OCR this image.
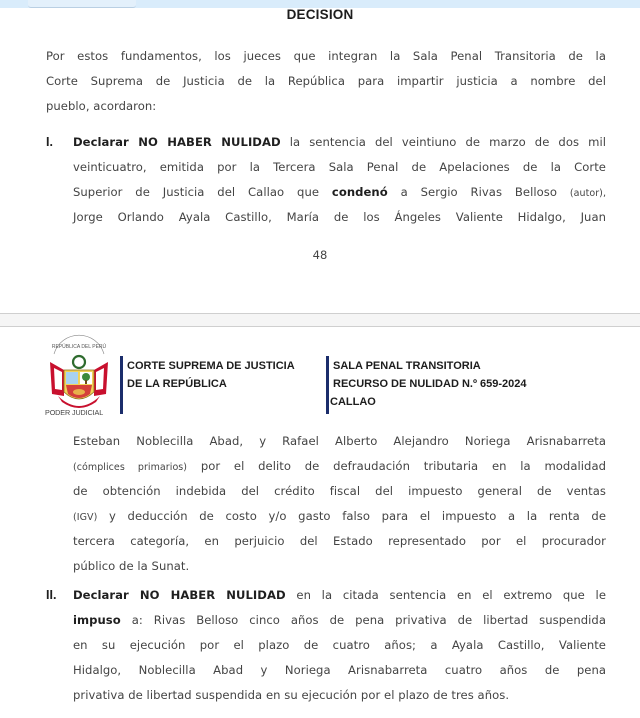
DECISION
Por estos fundamentos, los jueces que integran la Sala Penal Transitoria de la
Corte Suprema de Justicia de la República para impartir justicia a nombre del
pueblo, acordaron:
I. Declarar NO HABER NULIDAD la sentencia del veintiuno de marzo de dos mil
veinticuatro, emitida por la Tercera Sala Penal de Apelaciones de la Corte
Superior de Justicia del Callao que condenó a Sergio Rivas Belloso (autor),
Jorge Orlando Ayala Castillo, María de los Ángeles Valiente Hidalgo, Juan
48
REPÚBLICA DEL PERÚ
PODER JUDICIAL
CORTE SUPREMA DE JUSTICIA
DE LA REPÚBLICA
SALA PENAL TRANSITORIA
RECURSO DE NULIDAD N.º 659-2024
CALLAO
Esteban Noblecilla Abad, y Rafael Alberto Alejandro Noriega Arisnabarreta
(cómplices primarios) por el delito de defraudación tributaria en la modalidad
de obtención indebida del crédito fiscal del impuesto general de ventas
(IGV) y deducción de costo y/o gasto falso para el impuesto a la renta de
tercera categoría, en perjuicio del Estado representado por el procurador
público de la Sunat.
II. Declarar NO HABER NULIDAD en la citada sentencia en el extremo que le
impuso a: Rivas Belloso cinco años de pena privativa de libertad suspendida
en su ejecución por el plazo de cuatro años; a Ayala Castillo, Valiente
Hidalgo, Noblecilla Abad y Noriega Arisnabarreta cuatro años de pena
privativa de libertad suspendida en su ejecución por el plazo de tres años.
